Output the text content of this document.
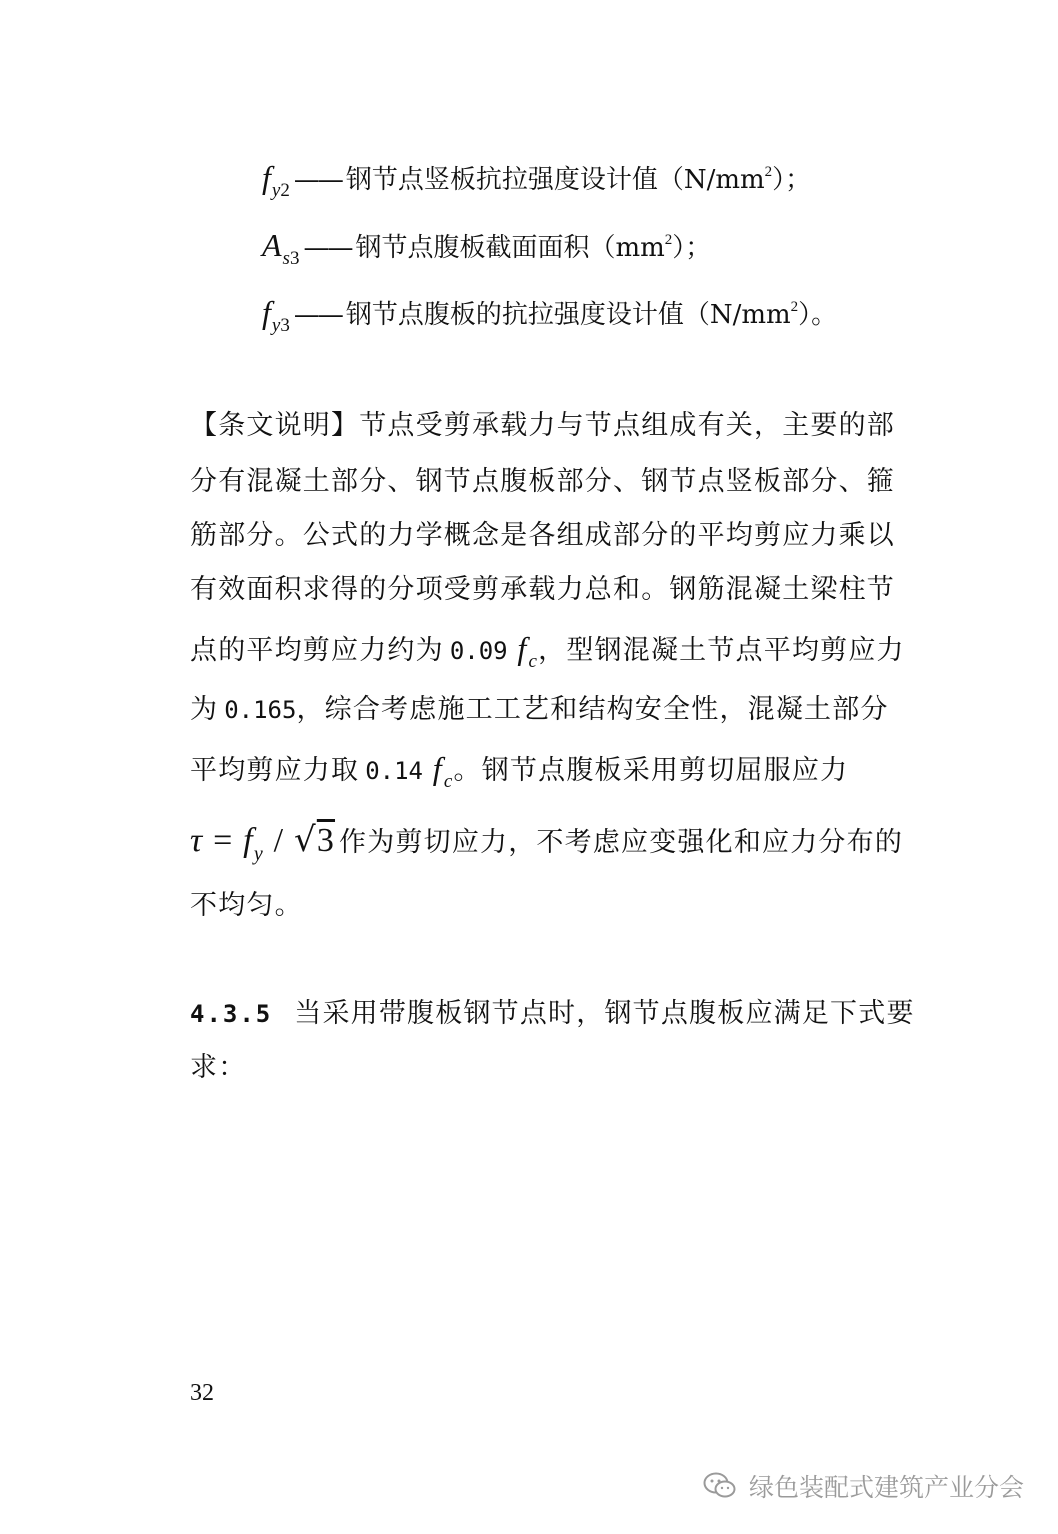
$f_{y2}$ —— 钢节点竖板抗拉强度设计值$(N/mm^2)$；
$A_{s3}$ —— 钢节点腹板截面面积$(mm^2)$；
$f_{y3}$ —— 钢节点腹板的抗拉强度设计值$(N/mm^2)$。
【条文说明】节点受剪承载力与节点组成有关，主要的部
分有混凝土部分、钢节点腹板部分、钢节点竖板部分、箍
筋部分。公式的力学概念是各组成部分的平均剪应力乘以
有效面积求得的分项受剪承载力总和。钢筋混凝土梁柱节
点的平均剪应力约为 0.09 $f_c$，型钢混凝土节点平均剪应力
为 0.165，综合考虑施工工艺和结构安全性，混凝土部分
平均剪应力取 0.14 $f_c$。钢节点腹板采用剪切屈服应力
$\tau = f_y / √3$ 作为剪切应力，不考虑应变强化和应力分布的
不均匀。
4.3.5 当采用带腹板钢节点时，钢节点腹板应满足下式要
求：
32
绿色装配式建筑产业分会
